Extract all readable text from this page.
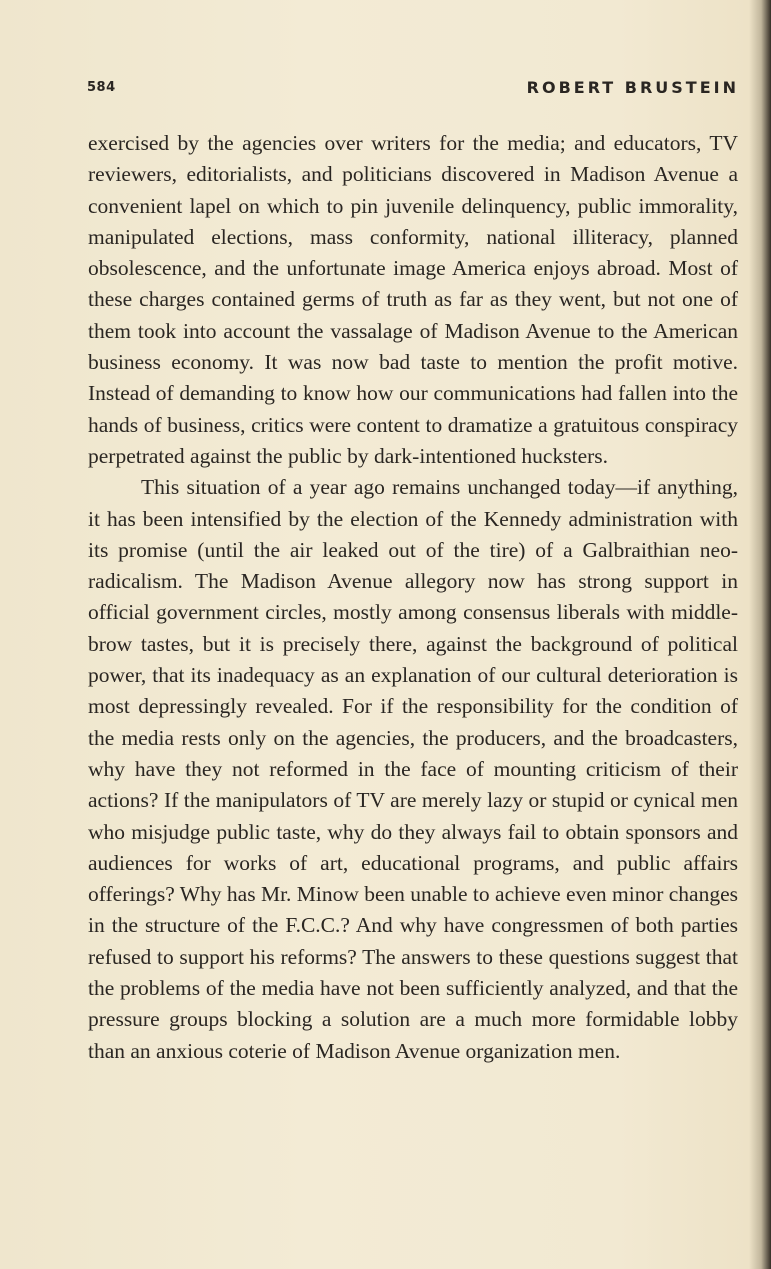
584	ROBERT BRUSTEIN

exercised by the agencies over writers for the media; and educators, TV reviewers, editorialists, and politicians discovered in Madison Avenue a convenient lapel on which to pin juvenile delinquency, public immorality, manipulated elections, mass conformity, national illiteracy, planned obsolescence, and the unfortunate image America enjoys abroad. Most of these charges contained germs of truth as far as they went, but not one of them took into account the vassalage of Madison Avenue to the American business economy. It was now bad taste to mention the profit motive. Instead of demanding to know how our communications had fallen into the hands of business, critics were content to dramatize a gratuitous conspiracy perpetrated against the public by dark-intentioned hucksters.

This situation of a year ago remains unchanged today—if anything, it has been intensified by the election of the Kennedy administration with its promise (until the air leaked out of the tire) of a Galbraithian neo-radicalism. The Madison Avenue allegory now has strong support in official government circles, mostly among consensus liberals with middle-brow tastes, but it is precisely there, against the background of political power, that its inadequacy as an explanation of our cultural deterioration is most depressingly revealed. For if the responsibility for the condition of the media rests only on the agencies, the producers, and the broadcasters, why have they not reformed in the face of mounting criticism of their actions? If the manipulators of TV are merely lazy or stupid or cynical men who misjudge public taste, why do they always fail to obtain sponsors and audiences for works of art, educational programs, and public affairs offerings? Why has Mr. Minow been unable to achieve even minor changes in the structure of the F.C.C.? And why have congressmen of both parties refused to support his reforms? The answers to these questions suggest that the problems of the media have not been sufficiently analyzed, and that the pressure groups blocking a solution are a much more formidable lobby than an anxious coterie of Madison Avenue organization men.
